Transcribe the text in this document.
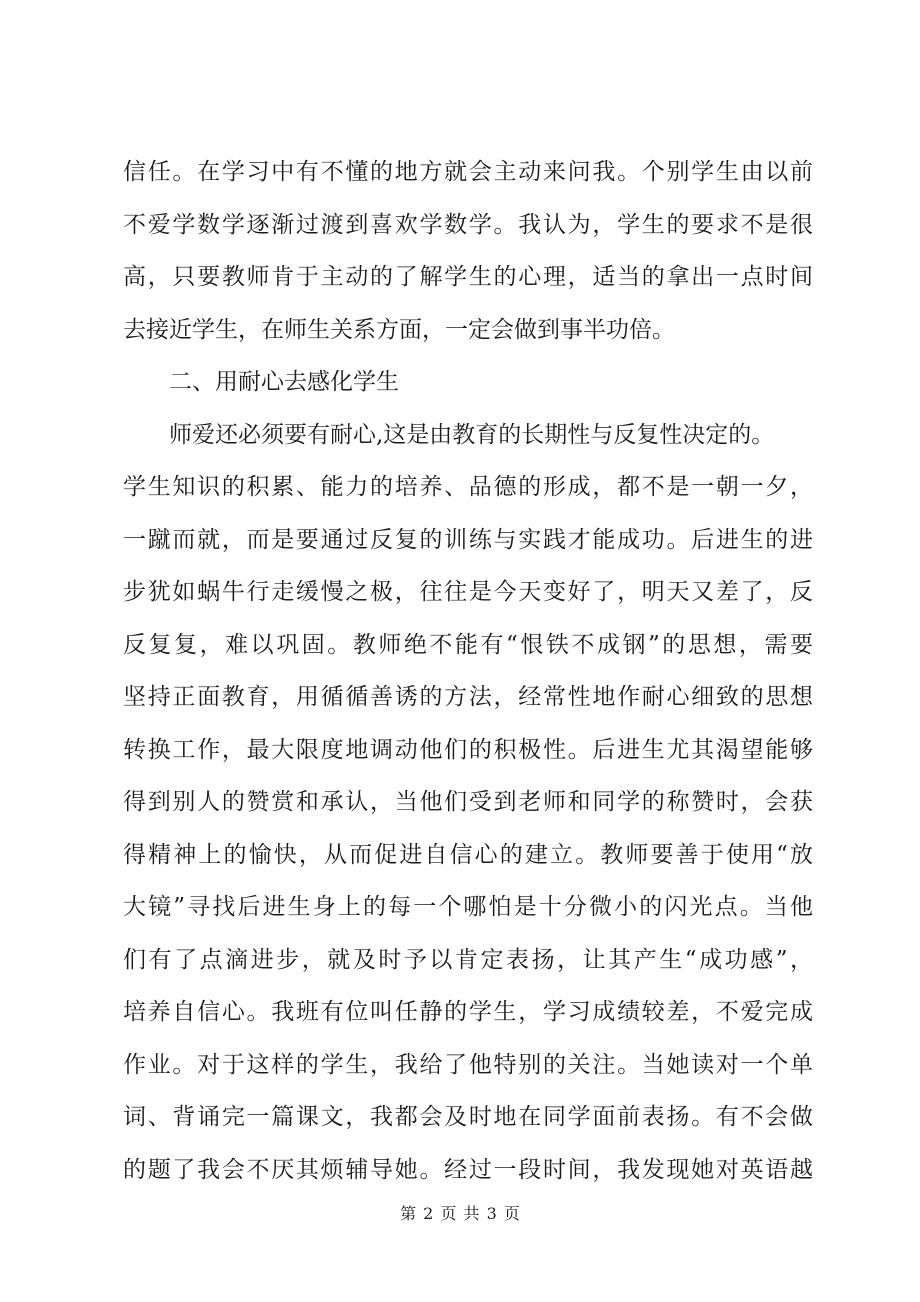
信任。在学习中有不懂的地方就会主动来问我。个别学生由以前
不爱学数学逐渐过渡到喜欢学数学。我认为，学生的要求不是很
高，只要教师肯于主动的了解学生的心理，适当的拿出一点时间
去接近学生，在师生关系方面，一定会做到事半功倍。
二、用耐心去感化学生
师爱还必须要有耐心,这是由教育的长期性与反复性决定的。
学生知识的积累、能力的培养、品德的形成，都不是一朝一夕，
一蹴而就，而是要通过反复的训练与实践才能成功。后进生的进
步犹如蜗牛行走缓慢之极，往往是今天变好了，明天又差了，反
反复复，难以巩固。教师绝不能有“恨铁不成钢”的思想，需要
坚持正面教育，用循循善诱的方法，经常性地作耐心细致的思想
转换工作，最大限度地调动他们的积极性。后进生尤其渴望能够
得到别人的赞赏和承认，当他们受到老师和同学的称赞时，会获
得精神上的愉快，从而促进自信心的建立。教师要善于使用“放
大镜”寻找后进生身上的每一个哪怕是十分微小的闪光点。当他
们有了点滴进步，就及时予以肯定表扬，让其产生“成功感”，
培养自信心。我班有位叫任静的学生，学习成绩较差，不爱完成
作业。对于这样的学生，我给了他特别的关注。当她读对一个单
词、背诵完一篇课文，我都会及时地在同学面前表扬。有不会做
的题了我会不厌其烦辅导她。经过一段时间，我发现她对英语越
第 2 页 共 3 页
